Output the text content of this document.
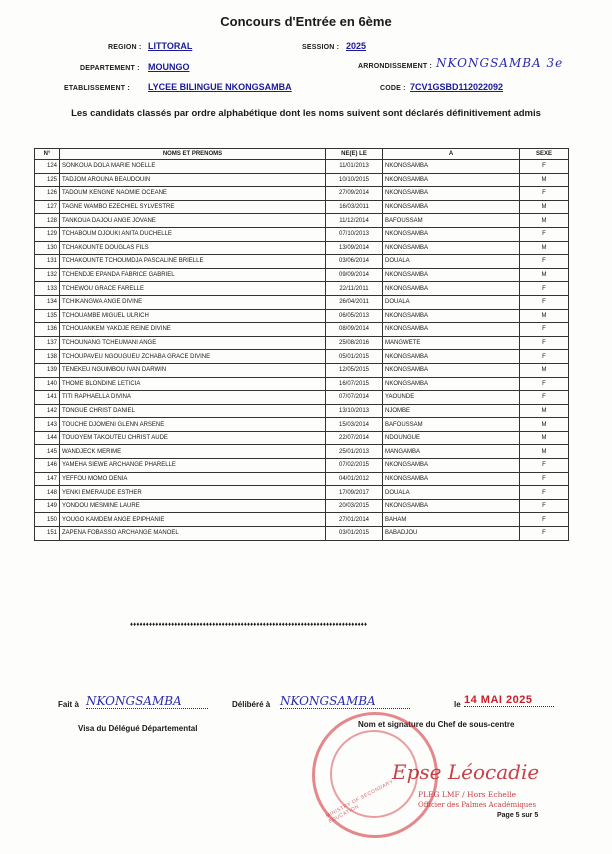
Concours d'Entrée en 6ème
REGION : LITTORAL	SESSION : 2025
DEPARTEMENT : MOUNGO	ARRONDISSEMENT : NKONGSAMBA 3e
ETABLISSEMENT : LYCEE BILINGUE NKONGSAMBA	CODE : 7CV1GSBD112022092
Les candidats classés par ordre alphabétique dont les noms suivent sont déclarés définitivement admis
N°	NOMS ET PRENOMS	NE(E) LE	A	SEXE
124	SONKOUA DOLA MARIE NOELLE	11/01/2013	NKONGSAMBA	F
125	TADJOM AROUNA BEAUDOUIN	10/10/2015	NKONGSAMBA	M
126	TADOUM KENGNE NAOMIE OCEANE	27/09/2014	NKONGSAMBA	F
127	TAGNE WAMBO EZECHIEL SYLVESTRE	16/03/2011	NKONGSAMBA	M
128	TANKOUA DAJOU ANGE JOVANE	11/12/2014	BAFOUSSAM	M
129	TCHABOUM DJOUKI ANITA DUCHELLE	07/10/2013	NKONGSAMBA	F
130	TCHAKOUNTE DOUGLAS FILS	13/09/2014	NKONGSAMBA	M
131	TCHAKOUNTE TCHOUMDJA PASCALINE BRIELLE	03/06/2014	DOUALA	F
132	TCHENDJE EPANDA FABRICE GABRIEL	09/09/2014	NKONGSAMBA	M
133	TCHEWOU GRACE FARELLE	22/11/2011	NKONGSAMBA	F
134	TCHIKANGWA ANGE DIVINE	26/04/2011	DOUALA	F
135	TCHOUAMBE MIGUEL ULRICH	06/05/2013	NKONGSAMBA	M
136	TCHOUANKEM YAKDJE REINE DIVINE	08/09/2014	NKONGSAMBA	F
137	TCHOUNANG TCHEUMANI ANGE	25/08/2016	MANGWETE	F
138	TCHOUPAVEU NGOUGUEU ZCHABA GRACE DIVINE	05/01/2015	NKONGSAMBA	F
139	TENEKEU NGUIMBOU IVAN DARWIN	12/05/2015	NKONGSAMBA	M
140	THOME BLONDINE LETICIA	16/07/2015	NKONGSAMBA	F
141	TITI RAPHAELLA DIVINA	07/07/2014	YAOUNDE	F
142	TONGUE CHRIST DANIEL	13/10/2013	NJOMBE	M
143	TOUCHE DJOMENI GLENN ARSENE	15/03/2014	BAFOUSSAM	M
144	TOUOYEM TAKOUTEU CHRIST AUDE	22/07/2014	NDOUNGUE	M
145	WANDJECK MERIME	25/01/2013	MANGAMBA	M
146	YAMEHA SIEWE ARCHANGE PHARELLE	07/02/2015	NKONGSAMBA	F
147	YEFFOU MOMO DENIA	04/01/2012	NKONGSAMBA	F
148	YENKI EMERAUDE ESTHER	17/09/2017	DOUALA	F
149	YONDOU MESMINE LAURE	20/03/2015	NKONGSAMBA	F
150	YOUGO KAMDEM ANGE EPIPHANIE	27/01/2014	BAHAM	F
151	ZAPENA FOBASSO ARCHANGE MANOEL	03/01/2015	BABADJOU	F
♦♦♦♦♦♦♦♦♦♦♦♦♦♦♦♦♦♦♦♦♦♦♦♦♦♦♦♦♦♦♦♦♦♦♦♦♦♦♦♦♦♦♦♦♦♦♦♦♦♦♦♦♦♦♦♦♦♦♦♦♦♦♦♦♦♦♦♦♦♦♦♦♦♦♦
Fait à NKONGSAMBA	Délibéré à NKONGSAMBA	le 14 MAI 2025
Visa du Délégué Départemental	Nom et signature du Chef de sous-centre
MINISTRY OF SECONDARY EDUCATION
Epse Léocadie
PLEG LMF / Hors Echelle
Officier des Palmes Académiques
Page 5 sur 5
